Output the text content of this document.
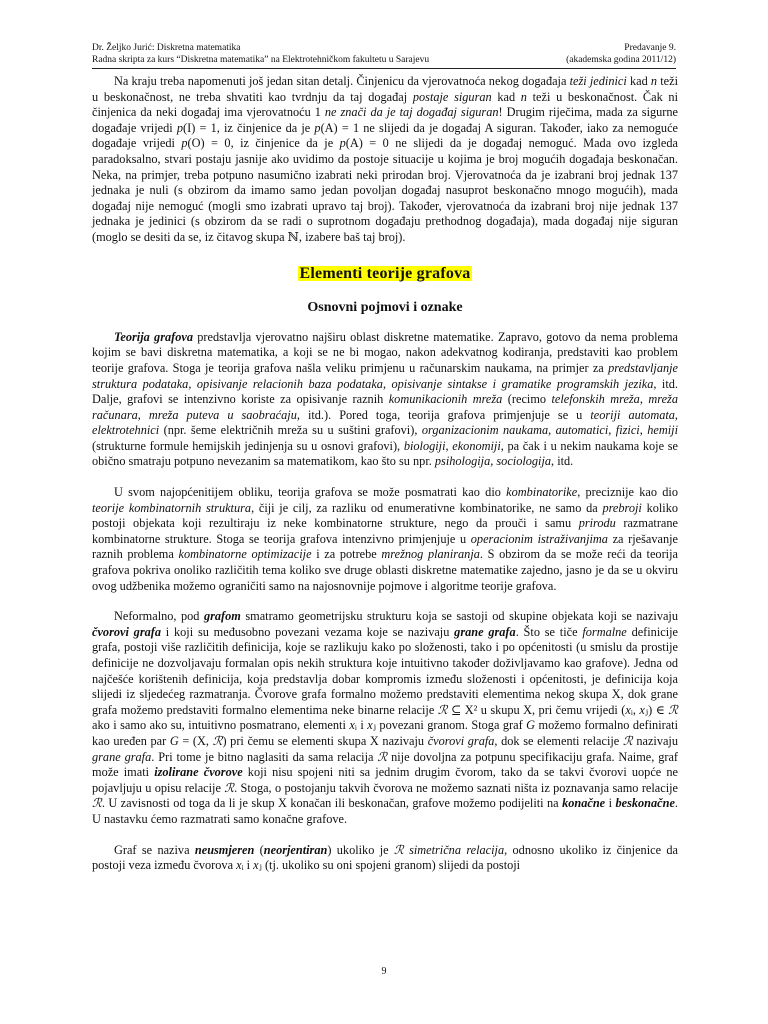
Dr. Željko Jurić: Diskretna matematika
Radna skripta za kurs “Diskretna matematika” na Elektrotehničkom fakultetu u Sarajevu
Predavanje 9.
(akademska godina 2011/12)

Na kraju treba napomenuti još jedan sitan detalj. Činjenicu da vjerovatnoća nekog događaja teži jedinici kad n teži u beskonačnost, ne treba shvatiti kao tvrdnju da taj događaj postaje siguran kad n teži u beskonačnost. Čak ni činjenica da neki događaj ima vjerovatnoću 1 ne znači da je taj događaj siguran! Drugim riječima, mada za sigurne događaje vrijedi p(I) = 1, iz činjenice da je p(A) = 1 ne slijedi da je događaj A siguran. Također, iako za nemoguće događaje vrijedi p(O) = 0, iz činjenice da je p(A) = 0 ne slijedi da je događaj nemoguć. Mada ovo izgleda paradoksalno, stvari postaju jasnije ako uvidimo da postoje situacije u kojima je broj mogućih događaja beskonačan. Neka, na primjer, treba potpuno nasumično izabrati neki prirodan broj. Vjerovatnoća da je izabrani broj jednak 137 jednaka je nuli (s obzirom da imamo samo jedan povoljan događaj nasuprot beskonačno mnogo mogućih), mada događaj nije nemoguć (mogli smo izabrati upravo taj broj). Također, vjerovatnoća da izabrani broj nije jednak 137 jednaka je jedinici (s obzirom da se radi o suprotnom događaju prethodnog događaja), mada događaj nije siguran (moglo se desiti da se, iz čitavog skupa ℕ, izabere baš taj broj).

Elementi teorije grafova
Osnovni pojmovi i oznake

Teorija grafova predstavlja vjerovatno najširu oblast diskretne matematike. Zapravo, gotovo da nema problema kojim se bavi diskretna matematika, a koji se ne bi mogao, nakon adekvatnog kodiranja, predstaviti kao problem teorije grafova. Stoga je teorija grafova našla veliku primjenu u računarskim naukama, na primjer za predstavljanje struktura podataka, opisivanje relacionih baza podataka, opisivanje sintakse i gramatike programskih jezika, itd. Dalje, grafovi se intenzivno koriste za opisivanje raznih komunikacionih mreža (recimo telefonskih mreža, mreža računara, mreža puteva u saobraćaju, itd.). Pored toga, teorija grafova primjenjuje se u teoriji automata, elektrotehnici (npr. šeme električnih mreža su u suštini grafovi), organizacionim naukama, automatici, fizici, hemiji (strukturne formule hemijskih jedinjenja su u osnovi grafovi), biologiji, ekonomiji, pa čak i u nekim naukama koje se obično smatraju potpuno nevezanim sa matematikom, kao što su npr. psihologija, sociologija, itd.

U svom najopćenitijem obliku, teorija grafova se može posmatrati kao dio kombinatorike, preciznije kao dio teorije kombinatornih struktura, čiji je cilj, za razliku od enumerativne kombinatorike, ne samo da prebroji koliko postoji objekata koji rezultiraju iz neke kombinatorne strukture, nego da prouči i samu prirodu razmatrane kombinatorne strukture. Stoga se teorija grafova intenzivno primjenjuje u operacionim istraživanjima za rješavanje raznih problema kombinatorne optimizacije i za potrebe mrežnog planiranja. S obzirom da se može reći da teorija grafova pokriva onoliko različitih tema koliko sve druge oblasti diskretne matematike zajedno, jasno je da se u okviru ovog udžbenika možemo ograničiti samo na najosnovnije pojmove i algoritme teorije grafova.

Neformalno, pod grafom smatramo geometrijsku strukturu koja se sastoji od skupine objekata koji se nazivaju čvorovi grafa i koji su međusobno povezani vezama koje se nazivaju grane grafa. Što se tiče formalne definicije grafa, postoji više različitih definicija, koje se razlikuju kako po složenosti, tako i po općenitosti (u smislu da prostije definicije ne dozvoljavaju formalan opis nekih struktura koje intuitivno također doživljavamo kao grafove). Jedna od najčešće korištenih definicija, koja predstavlja dobar kompromis između složenosti i općenitosti, je definicija koja slijedi iz sljedećeg razmatranja. Čvorove grafa formalno možemo predstaviti elementima nekog skupa X, dok grane grafa možemo predstaviti formalno elementima neke binarne relacije ℛ ⊆ X² u skupu X, pri čemu vrijedi (xᵢ, xⱼ) ∈ ℛ ako i samo ako su, intuitivno posmatrano, elementi xᵢ i xⱼ povezani granom. Stoga graf G možemo formalno definirati kao uređen par G = (X, ℛ) pri čemu se elementi skupa X nazivaju čvorovi grafa, dok se elementi relacije ℛ nazivaju grane grafa. Pri tome je bitno naglasiti da sama relacija ℛ nije dovoljna za potpunu specifikaciju grafa. Naime, graf može imati izolirane čvorove koji nisu spojeni niti sa jednim drugim čvorom, tako da se takvi čvorovi uopće ne pojavljuju u opisu relacije ℛ. Stoga, o postojanju takvih čvorova ne možemo saznati ništa iz poznavanja samo relacije ℛ. U zavisnosti od toga da li je skup X konačan ili beskonačan, grafove možemo podijeliti na konačne i beskonačne. U nastavku ćemo razmatrati samo konačne grafove.

Graf se naziva neusmjeren (neorjentiran) ukoliko je ℛ simetrična relacija, odnosno ukoliko iz činjenice da postoji veza između čvorova xᵢ i xⱼ (tj. ukoliko su oni spojeni granom) slijedi da postoji

9
